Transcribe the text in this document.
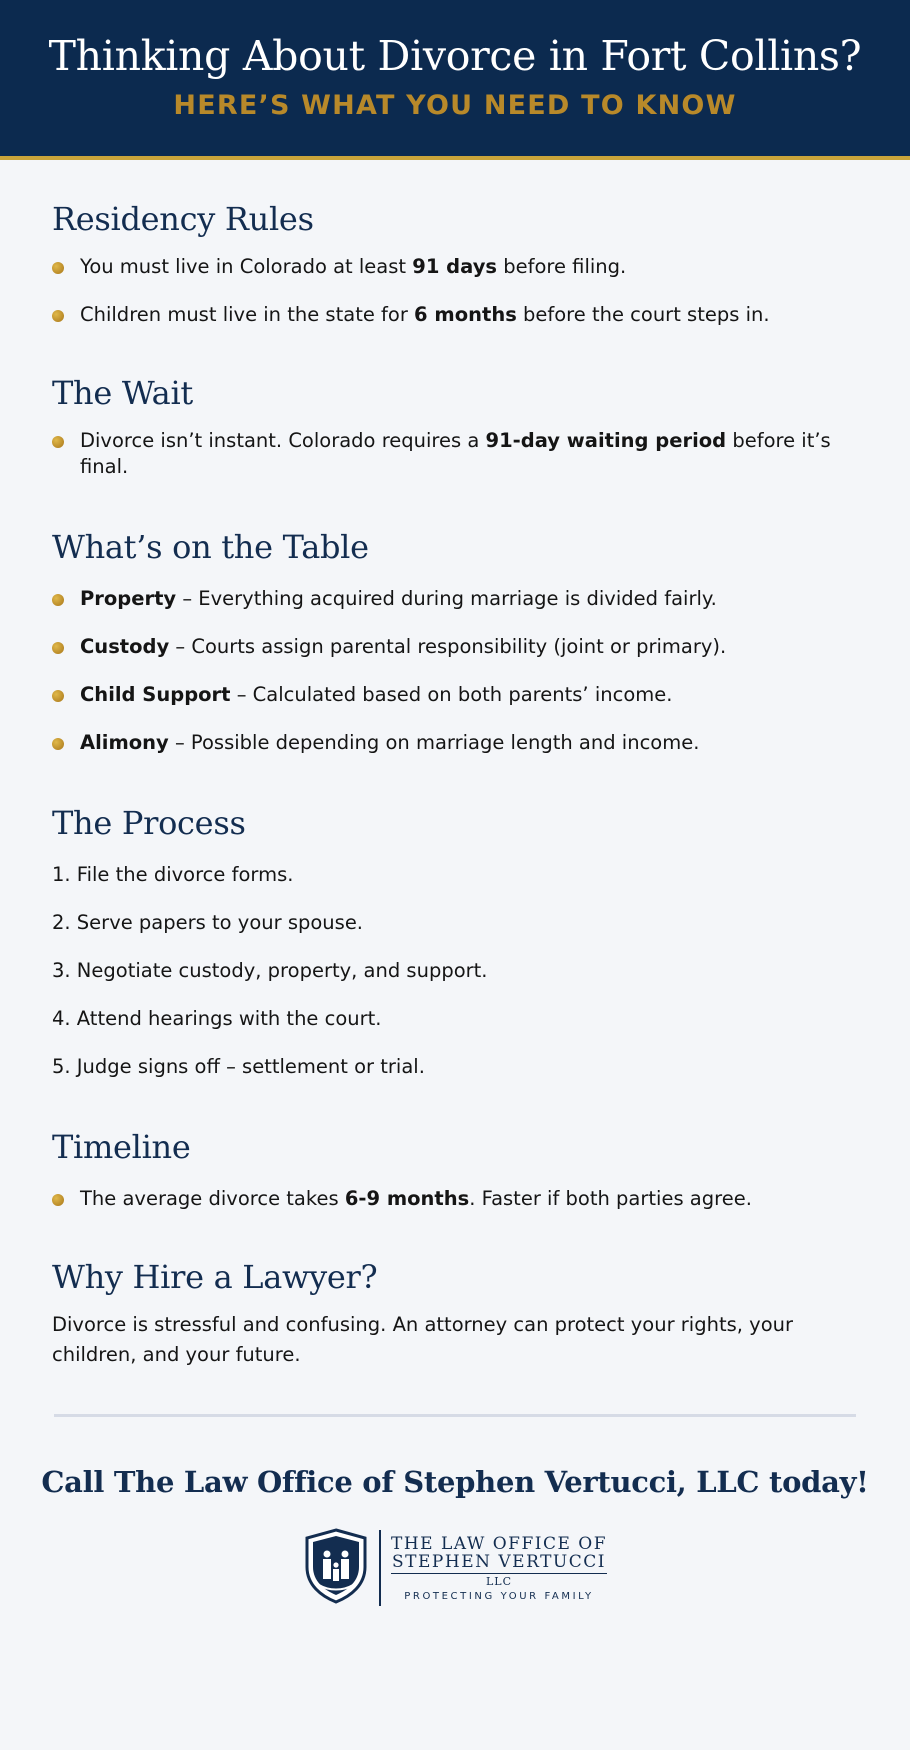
Thinking About Divorce in Fort Collins?
HERE’S WHAT YOU NEED TO KNOW
Residency Rules
You must live in Colorado at least 91 days before filing.
Children must live in the state for 6 months before the court steps in.
The Wait
Divorce isn’t instant. Colorado requires a 91-day waiting period before it’s final.
What’s on the Table
Property – Everything acquired during marriage is divided fairly.
Custody – Courts assign parental responsibility (joint or primary).
Child Support – Calculated based on both parents’ income.
Alimony – Possible depending on marriage length and income.
The Process
1. File the divorce forms.
2. Serve papers to your spouse.
3. Negotiate custody, property, and support.
4. Attend hearings with the court.
5. Judge signs off – settlement or trial.
Timeline
The average divorce takes 6-9 months. Faster if both parties agree.
Why Hire a Lawyer?

Divorce is stressful and confusing. An attorney can protect your rights, your children, and your future.

Call The Law Office of Stephen Vertucci, LLC today!
THE LAW OFFICE OF
STEPHEN VERTUCCI
LLC
PROTECTING YOUR FAMILY
